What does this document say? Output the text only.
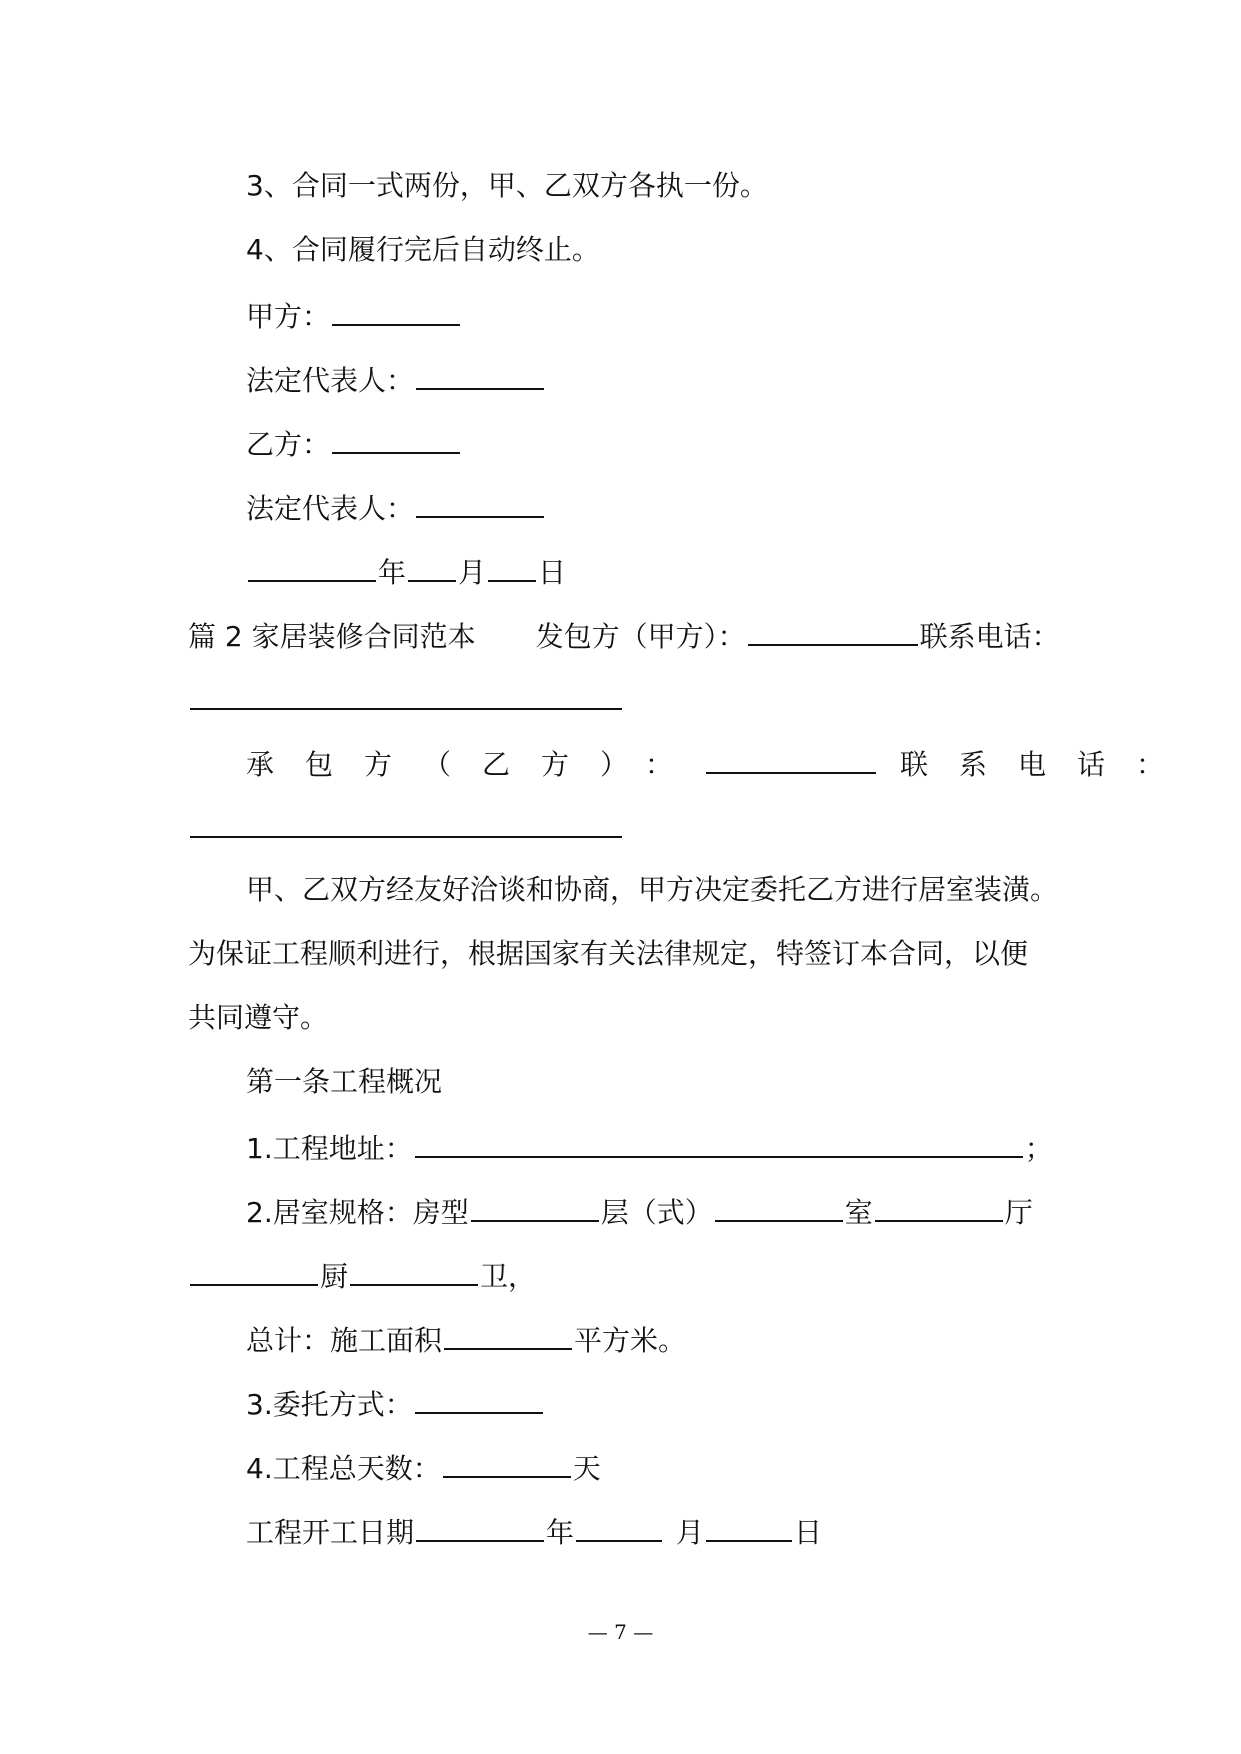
3、合同一式两份，甲、乙双方各执一份。
4、合同履行完后自动终止。
甲方：
法定代表人：
乙方：
法定代表人：
年 月 日
篇 2 家居装修合同范本 发包方（甲方）：	联系电话：
承包方（乙方）：	联系电话：
甲、乙双方经友好洽谈和协商，甲方决定委托乙方进行居室装潢。
为保证工程顺利进行，根据国家有关法律规定，特签订本合同，以便
共同遵守。
第一条工程概况
1.工程地址：	；
2.居室规格：房型	层（式）	室	厅
厨	卫，
总计：施工面积	平方米。
3.委托方式：
4.工程总天数：	天
工程开工日期	年	月	日
— 7 —
